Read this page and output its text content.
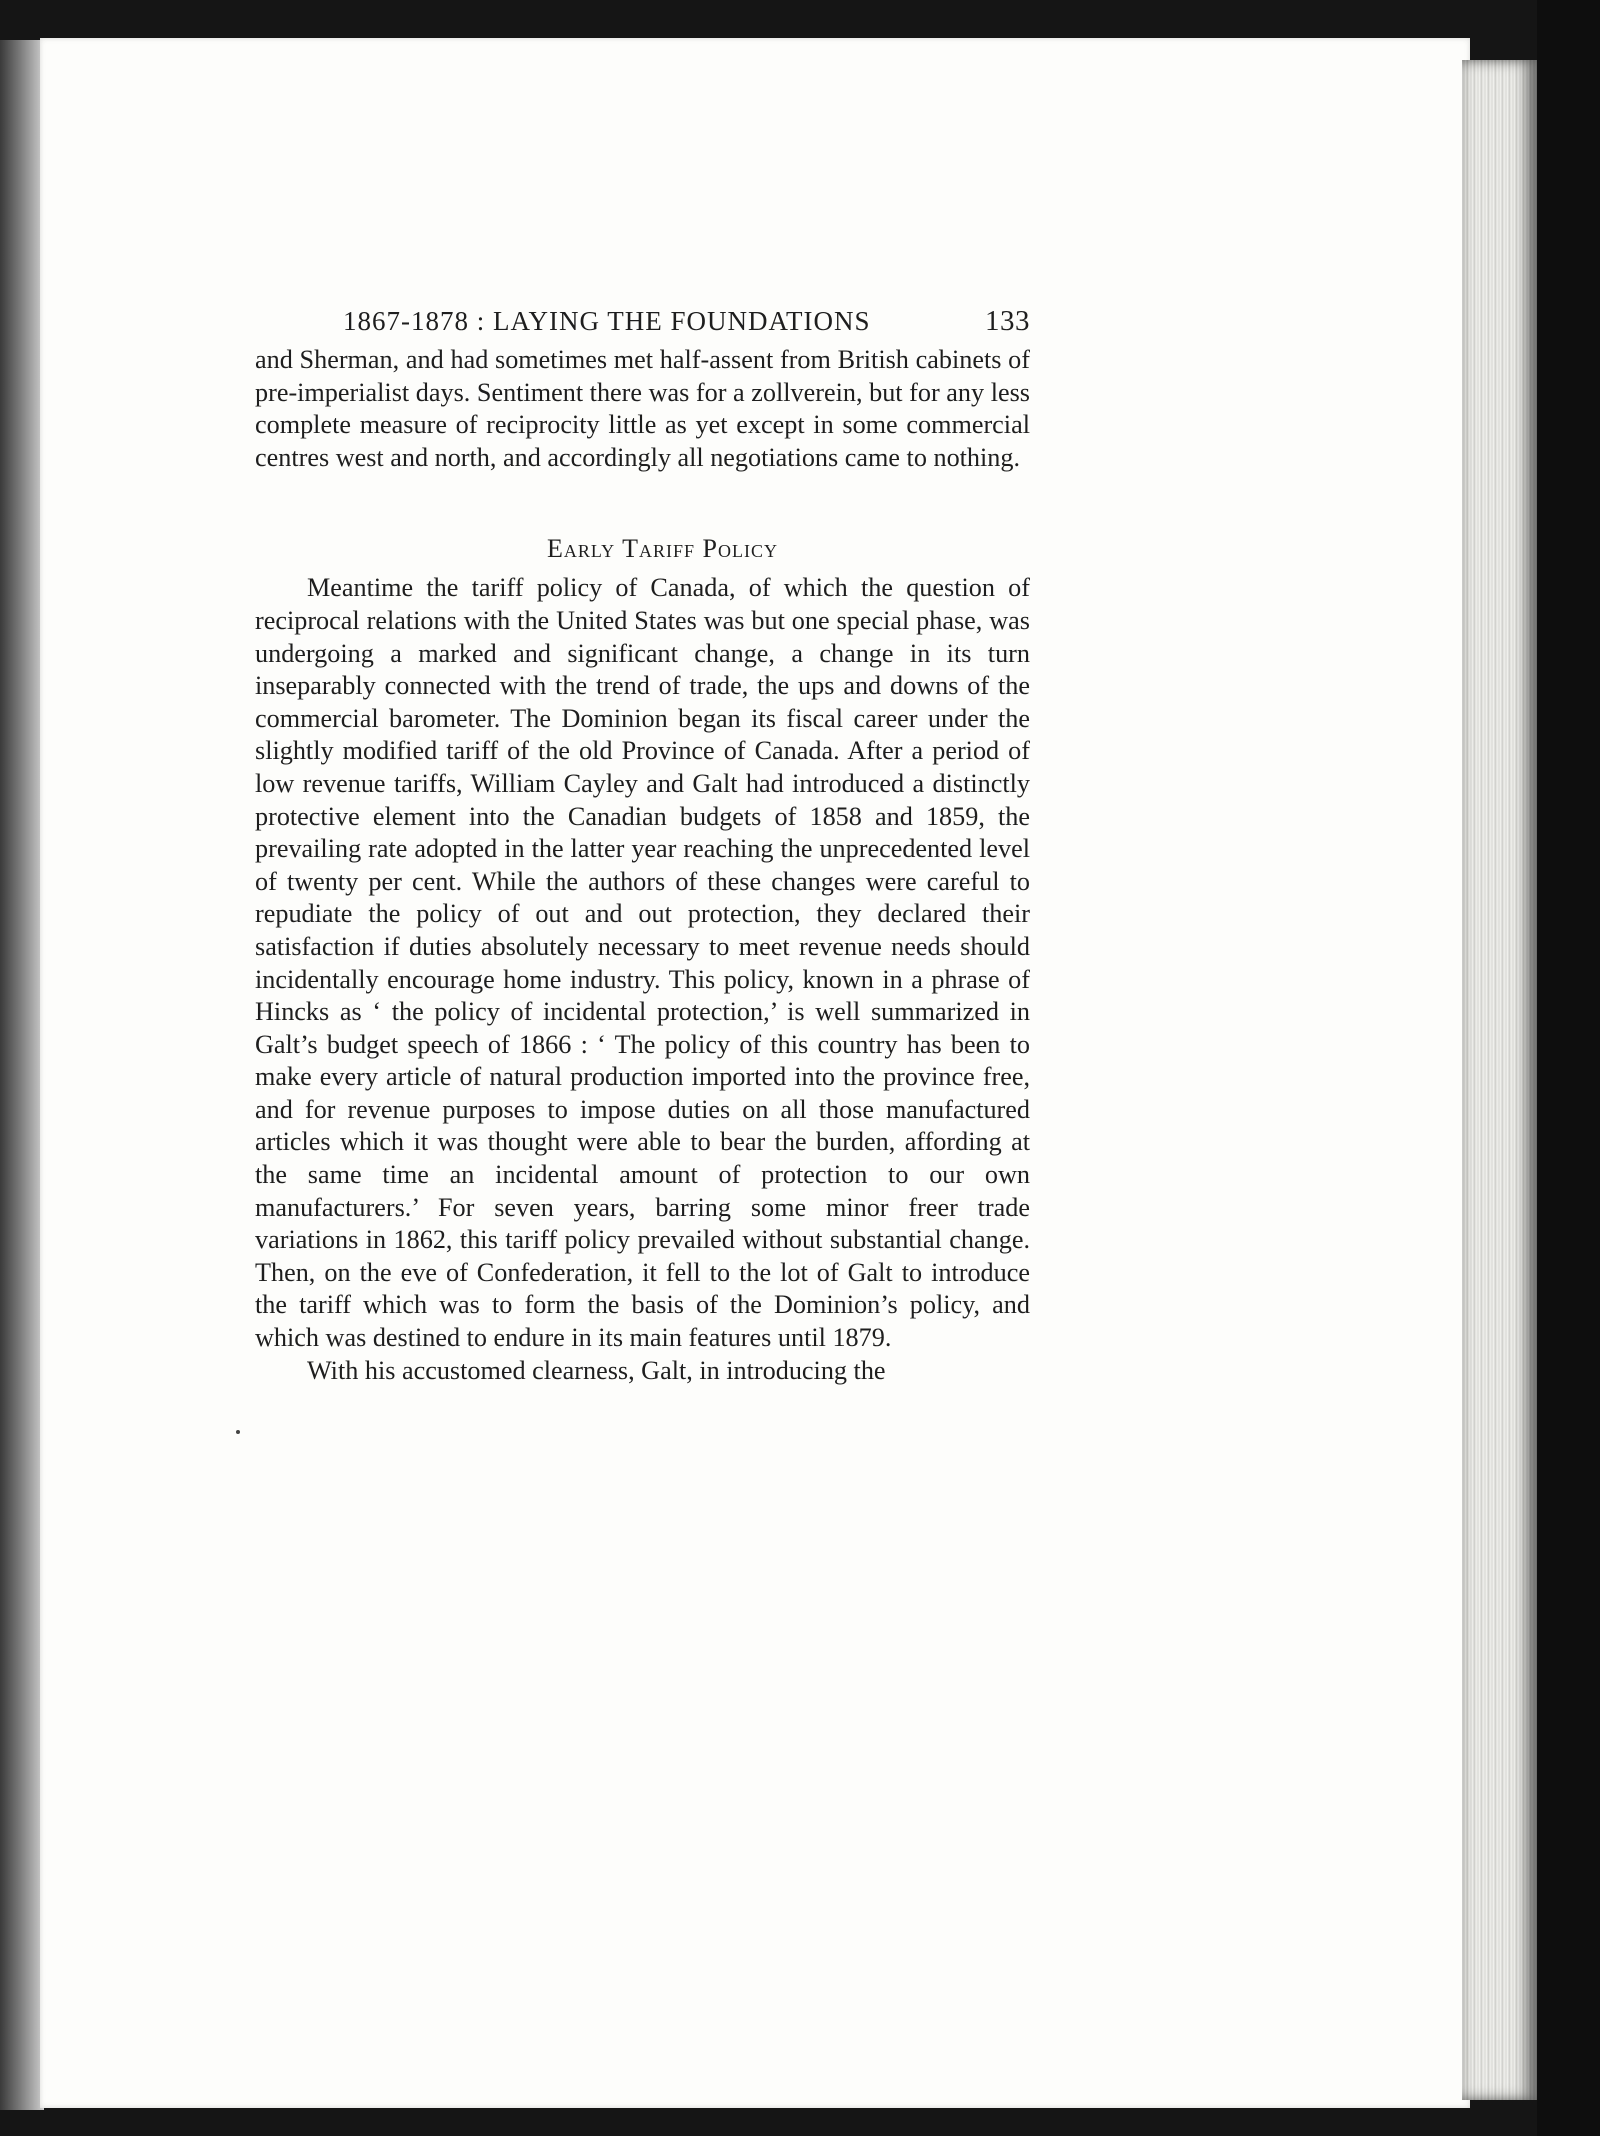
1867-1878 : LAYING THE FOUNDATIONS	133

and Sherman, and had sometimes met half-assent from British cabinets of pre-imperialist days. Sentiment there was for a zollverein, but for any less complete measure of reciprocity little as yet except in some commercial centres west and north, and accordingly all negotiations came to nothing.

Early Tariff Policy

Meantime the tariff policy of Canada, of which the question of reciprocal relations with the United States was but one special phase, was undergoing a marked and significant change, a change in its turn inseparably connected with the trend of trade, the ups and downs of the commercial barometer. The Dominion began its fiscal career under the slightly modified tariff of the old Province of Canada. After a period of low revenue tariffs, William Cayley and Galt had introduced a distinctly protective element into the Canadian budgets of 1858 and 1859, the prevailing rate adopted in the latter year reaching the unprecedented level of twenty per cent. While the authors of these changes were careful to repudiate the policy of out and out protection, they declared their satisfaction if duties absolutely necessary to meet revenue needs should incidentally encourage home industry. This policy, known in a phrase of Hincks as ‘ the policy of incidental protection,’ is well summarized in Galt’s budget speech of 1866 : ‘ The policy of this country has been to make every article of natural production imported into the province free, and for revenue purposes to impose duties on all those manufactured articles which it was thought were able to bear the burden, affording at the same time an incidental amount of protection to our own manufacturers.’ For seven years, barring some minor freer trade variations in 1862, this tariff policy prevailed without substantial change. Then, on the eve of Confederation, it fell to the lot of Galt to introduce the tariff which was to form the basis of the Dominion’s policy, and which was destined to endure in its main features until 1879.

With his accustomed clearness, Galt, in introducing the
